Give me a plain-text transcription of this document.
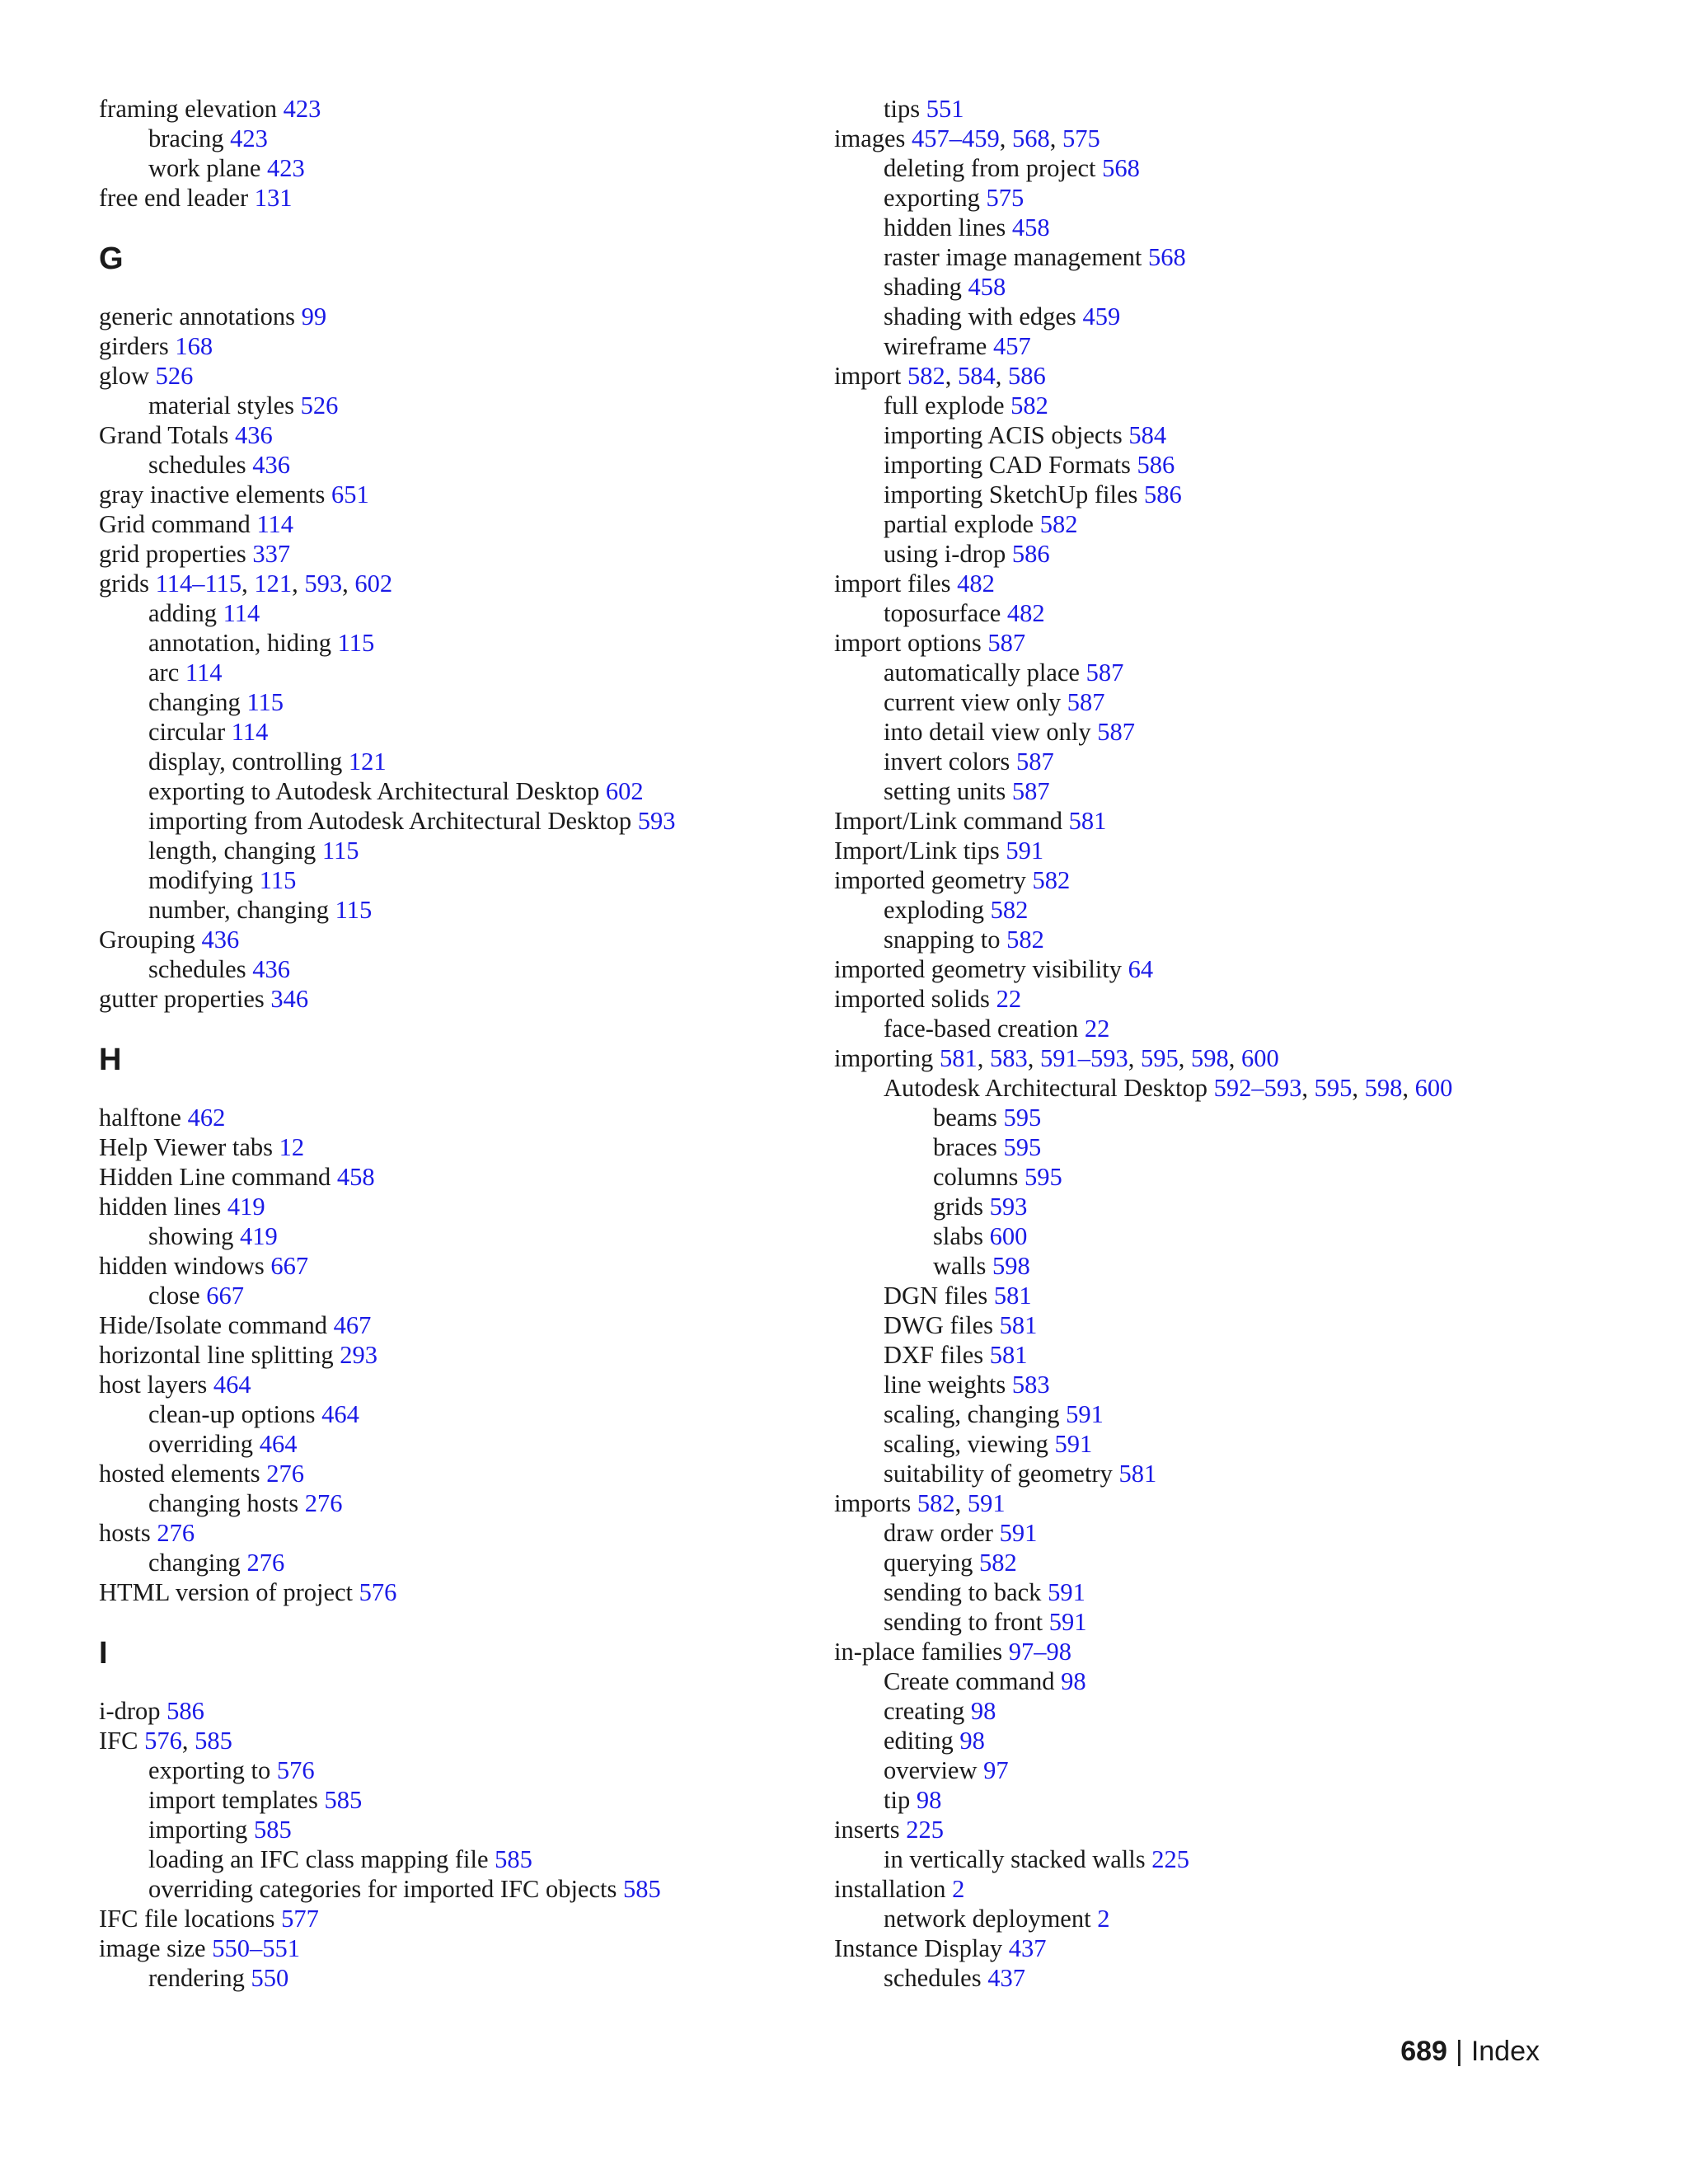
framing elevation 423
bracing 423
work plane 423
free end leader 131
G
generic annotations 99
girders 168
glow 526
material styles 526
Grand Totals 436
schedules 436
gray inactive elements 651
Grid command 114
grid properties 337
grids 114–115, 121, 593, 602
adding 114
annotation, hiding 115
arc 114
changing 115
circular 114
display, controlling 121
exporting to Autodesk Architectural Desktop 602
importing from Autodesk Architectural Desktop 593
length, changing 115
modifying 115
number, changing 115
Grouping 436
schedules 436
gutter properties 346
H
halftone 462
Help Viewer tabs 12
Hidden Line command 458
hidden lines 419
showing 419
hidden windows 667
close 667
Hide/Isolate command 467
horizontal line splitting 293
host layers 464
clean-up options 464
overriding 464
hosted elements 276
changing hosts 276
hosts 276
changing 276
HTML version of project 576
I
i-drop 586
IFC 576, 585
exporting to 576
import templates 585
importing 585
loading an IFC class mapping file 585
overriding categories for imported IFC objects 585
IFC file locations 577
image size 550–551
rendering 550
tips 551
images 457–459, 568, 575
deleting from project 568
exporting 575
hidden lines 458
raster image management 568
shading 458
shading with edges 459
wireframe 457
import 582, 584, 586
full explode 582
importing ACIS objects 584
importing CAD Formats 586
importing SketchUp files 586
partial explode 582
using i-drop 586
import files 482
toposurface 482
import options 587
automatically place 587
current view only 587
into detail view only 587
invert colors 587
setting units 587
Import/Link command 581
Import/Link tips 591
imported geometry 582
exploding 582
snapping to 582
imported geometry visibility 64
imported solids 22
face-based creation 22
importing 581, 583, 591–593, 595, 598, 600
Autodesk Architectural Desktop 592–593, 595, 598, 600
beams 595
braces 595
columns 595
grids 593
slabs 600
walls 598
DGN files 581
DWG files 581
DXF files 581
line weights 583
scaling, changing 591
scaling, viewing 591
suitability of geometry 581
imports 582, 591
draw order 591
querying 582
sending to back 591
sending to front 591
in-place families 97–98
Create command 98
creating 98
editing 98
overview 97
tip 98
inserts 225
in vertically stacked walls 225
installation 2
network deployment 2
Instance Display 437
schedules 437
689 | Index
